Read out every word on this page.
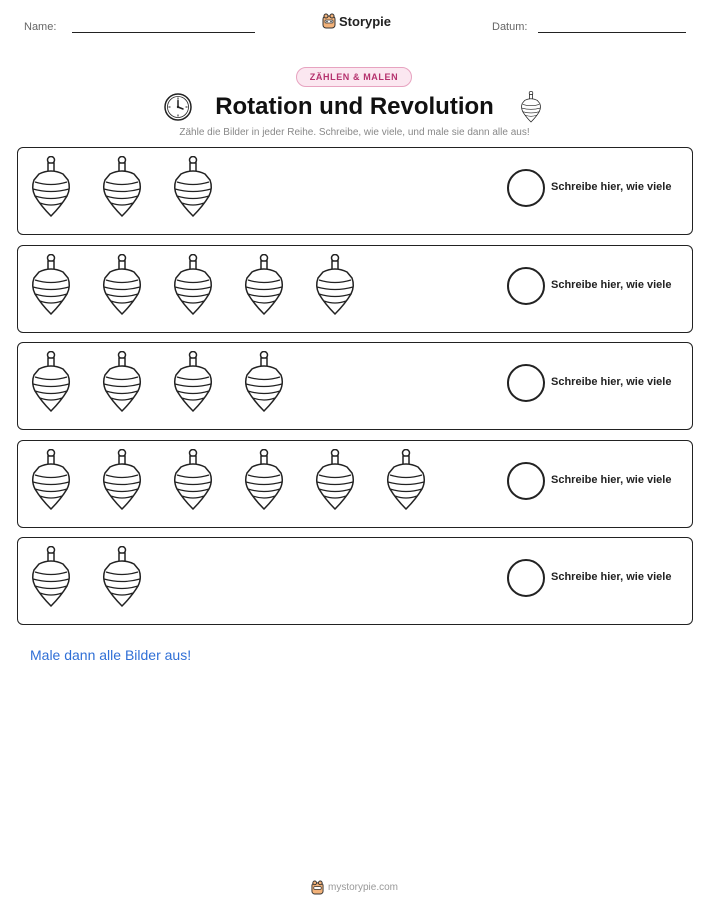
Name:	Storypie	Datum:
ZÄHLEN & MALEN
Rotation und Revolution
Zähle die Bilder in jeder Reihe. Schreibe, wie viele, und male sie dann alle aus!
Schreibe hier, wie viele
Schreibe hier, wie viele
Schreibe hier, wie viele
Schreibe hier, wie viele
Schreibe hier, wie viele
Male dann alle Bilder aus!
mystorypie.com
